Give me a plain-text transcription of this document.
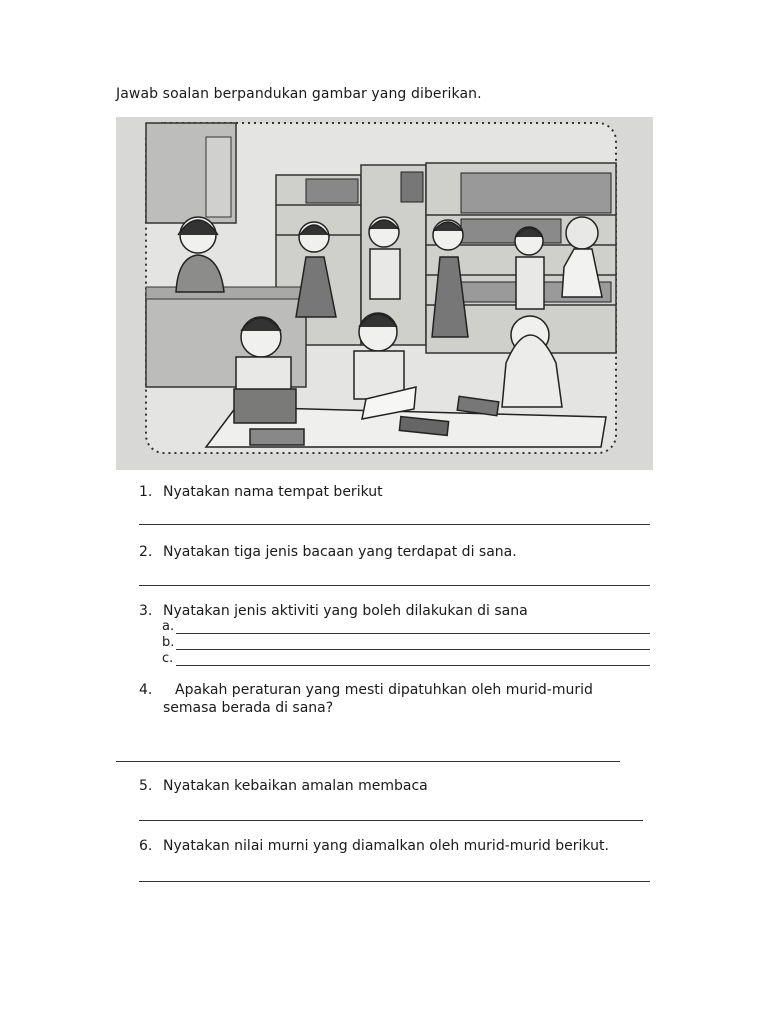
Jawab soalan berpandukan gambar yang diberikan.
1. Nyatakan nama tempat berikut
2. Nyatakan tiga jenis bacaan yang terdapat di sana.
3. Nyatakan jenis aktiviti yang boleh dilakukan di sana
a.
b.
c.
4. Apakah peraturan yang mesti dipatuhkan oleh murid-murid
semasa berada di sana?
5. Nyatakan kebaikan amalan membaca
6. Nyatakan nilai murni yang diamalkan oleh murid-murid berikut.
